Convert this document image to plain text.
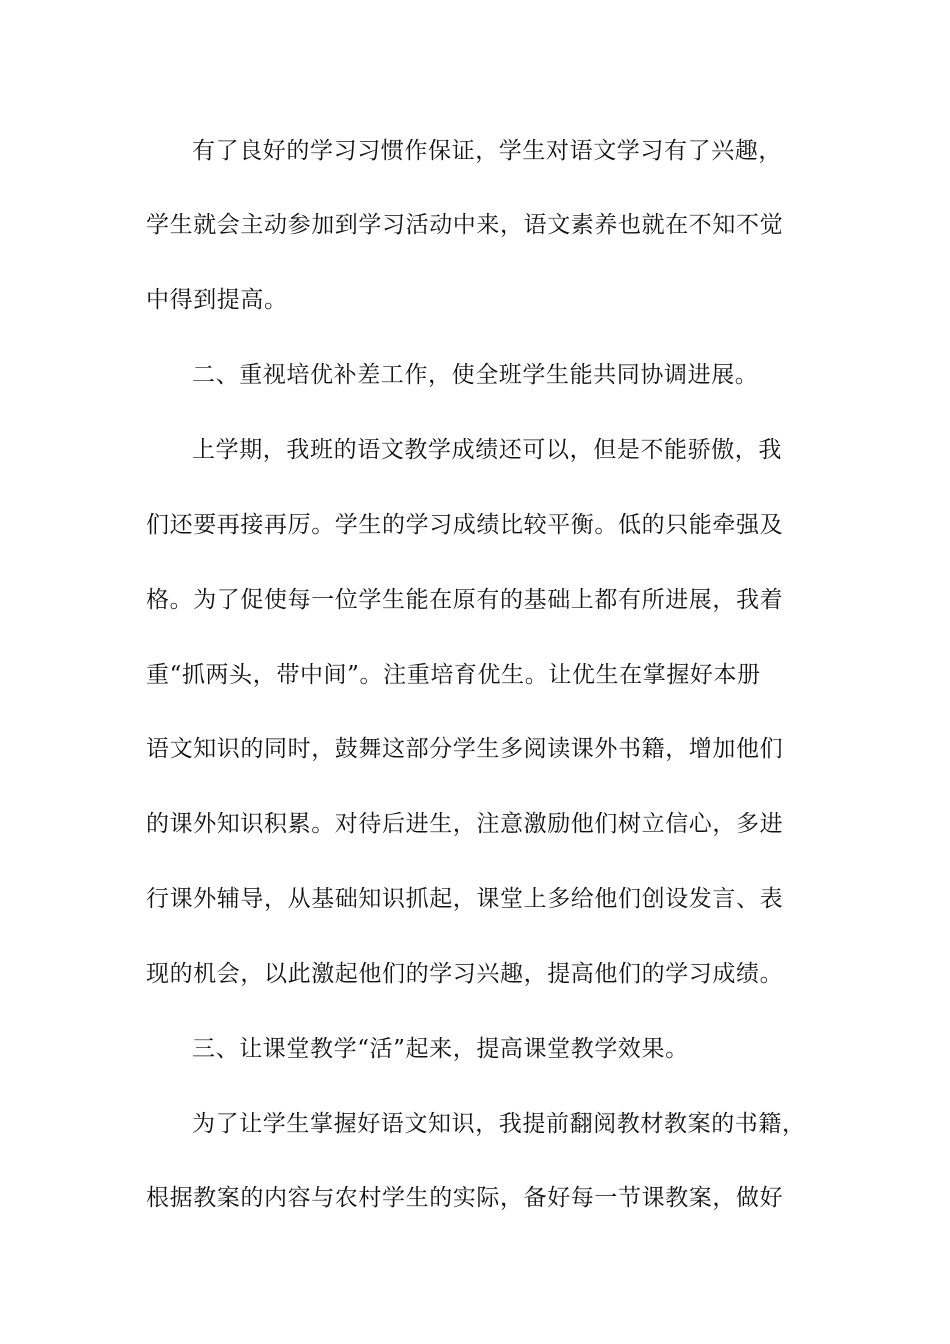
有了良好的学习习惯作保证，学生对语文学习有了兴趣，
学生就会主动参加到学习活动中来，语文素养也就在不知不觉
中得到提高。
二、重视培优补差工作，使全班学生能共同协调进展。
上学期，我班的语文教学成绩还可以，但是不能骄傲，我
们还要再接再厉。学生的学习成绩比较平衡。低的只能牵强及
格。为了促使每一位学生能在原有的基础上都有所进展，我着
重“抓两头，带中间”。注重培育优生。让优生在掌握好本册
语文知识的同时，鼓舞这部分学生多阅读课外书籍，增加他们
的课外知识积累。对待后进生，注意激励他们树立信心，多进
行课外辅导，从基础知识抓起，课堂上多给他们创设发言、表
现的机会，以此激起他们的学习兴趣，提高他们的学习成绩。
三、让课堂教学“活”起来，提高课堂教学效果。
为了让学生掌握好语文知识，我提前翻阅教材教案的书籍，
根据教案的内容与农村学生的实际，备好每一节课教案，做好
